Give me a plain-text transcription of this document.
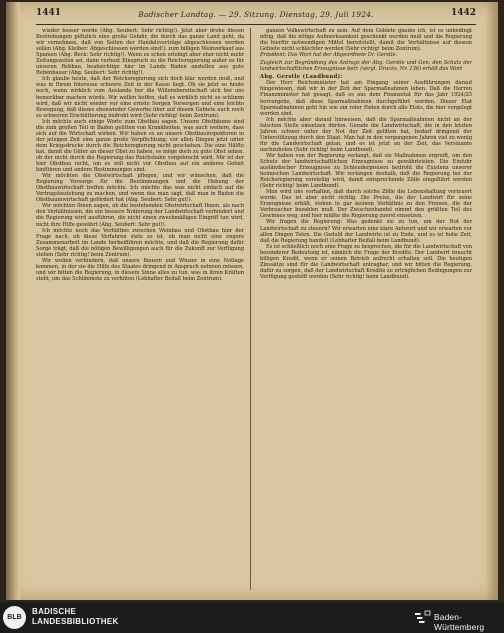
1441	Badischer Landtag. — 29. Sitzung. Dienstag, 29. Juli 1924.	1442

wieder besser werde (Abg. Seubert: Sehr richtig!). Jetzt aber drohe diesen Bestrebungen plötzlich eine große Gefahr, die durch das ganze Land geht, da wir vernehmen, daß von Seiten der Handelsverträge abgeschlossen werden sollen (Abg. Kleiber: Abgeschlossen werden sind!). zum billigen Weinverkauf aus Spanien (Abg. Bock: Sehr richtig!). Wenn es schon erlebigt aber eher nicht mehr Zeitungszeilen sei, dann verhext Einspruch zu die Reichsregierung außer es für unseren Rebbau, beabsichtige hier im Lande Baden anstellen aus gute Rebenbauer (Abg. Seubert: Sehr richtig!).

Ich glaube heute, daß der Reichsregierung sich doch klar werden muß, und was in Ihrem Interesse schwere Zeit in der Kasse liegt. Ob sie jetzt so heute noch, wenn wirklich vom Auslande her die Willensbereitschaft sich bei uns bemerkbar machen würde. Wir wollen hoffen, daß es wirklich nicht so schlimm wird, daß wir nicht wieder vor eine ernste Sorgen Vorsorgen und eine leichte Bewegung, daß dieses ebenwieder Gewerbe über auf diesen Gebiete auch noch so schweren Erschütterung bedroht wird (Sehr richtig! beim Zentrum).

Ich möchte auch einige Worte zum Obstbau sagen. Unsere Obstbäume sind die zum großen Teil in Baden gelitten von Krankheiten, was auch weitere, dass sich auf die Wirtschaft wirken. Wir haben es an unsere Obstbauinspektoren in der jetzigen Zeit eine ganze große Verpflichtung; vor allen Dingen jetzt unter dem Kriegsdrucke durch die Reichsregierung nicht geschehen. Die eine Hälfte hat, damit die Güter an dieser Obst zu haben, es möge doch zu gute Obst sehen, ob der nicht durch die Regierung das Reichsbahn vorgebracht wird. Mir ist der hier Obstbau nicht, um es will nicht vor Obstbau auf ein anderes Gebiet hinführen und andere Bestimmungen sind.

Wir möchten die Obstwirtschaft pflegen, und wir wünschen, daß die Regierung Vorsorge für die Bestimmungen und die Hebung der Obstbauwirtschaft treffen möchte. Ich möchte das was nicht einfach auf die Vertragsbeziehung zu machen, und wenn das man sagt, daß man in Baden die Obstbaumwirtschaft gefördert hat (Abg. Seubert: Sehr gut!).

Wir möchten Ihnen sagen, ob die bestehenden Obstwirtschaft Ihnen, als nach den Verhältnissen, die ein bessere Notierung der Landwirtschaft verhindert und die Regierung wird ausführen, die nicht einen zweckmäßigen Eingriff tun wird, nicht ihre Hilfe gewährt (Abg. Seubert: Sehr gut!).

Ich möchte noch das Verhältnis zwischen Weinbau und Obstbau hier der Frage nach, ob diese Verfahren stets so ist, ob man nicht eine engere Zusammenarbeit im Lande herbeiführen möchte, und daß die Regierung dafür Sorge trägt, daß die nötigen Bewilligungen auch für die Zukunft zur Verfügung stehen (Sehr richtig! beim Zentrum).

Wir wollen verhindern, daß unsere Bauern und Winzer in eine Notlage kommen, in der sie die Hilfe des Staates dringend in Anspruch nehmen müssen, und wir bitten die Regierung, in diesem Sinne alles zu tun, was in ihren Kräften steht, um das Schlimmste zu verhüten (Lebhafter Beifall beim Zentrum).

ganzen Volkswirtschaft zu sein. Auf dem Gebiete glaube ich, ist es unbedingt nötig, daß die nötige Aufmerksamkeit geschenkt werden muß und die Regierung die hierfür notwendigen Mittel bereitstellt, damit die Verhältnisse auf diesem Gebiete nicht schlechter werden (Sehr richtig! beim Zentrum).

Präsident: Das Wort hat der Abgeordnete Dr. Gerstle.

Zugleich zur Begründung des Antrags der Abg. Gerstle und Gen. den Schutz der landwirtschaftlichen Erzeugnisse betr. (vergl. Drucks. Nr. 136) erhält das Wort

Abg. Gerstle (Landbund):

Der Herr Reichsminister hat am Eingang seiner Ausführungen darauf hingewiesen, daß wir in der Zeit der Sparmaßnahmen leben. Daß die Herren Finanzminister hat gesagt, daß es aus dem Finanzetat für das Jahr 1924/25 hervorgehe, daß diese Sparmaßnahmen durchgeführt werden. Dieser Etat Sparmaßnahmen geht hin wie ein roter Faden durch alle Etats, die hier vorgelegt worden sind.

Ich möchte aber darauf hinweisen, daß die Sparmaßnahmen nicht an der falschen Stelle einsetzen dürfen. Gerade die Landwirtschaft, die in den letzten Jahren schwer unter der Not der Zeit gelitten hat, bedarf dringend der Unterstützung durch den Staat. Man hat in den vergangenen Jahren viel zu wenig für die Landwirtschaft getan, und es ist jetzt an der Zeit, das Versäumte nachzuholen (Sehr richtig! beim Landbund).

Wir haben von der Regierung verlangt, daß sie Maßnahmen ergreift, um den Schutz der landwirtschaftlichen Erzeugnisse zu gewährleisten. Die Einfuhr ausländischer Erzeugnisse zu Schleuderpreisen bedroht die Existenz unserer heimischen Landwirtschaft. Wir verlangen deshalb, daß die Regierung bei der Reichsregierung vorstellig wird, damit entsprechende Zölle eingeführt werden (Sehr richtig! beim Landbund).

Man wird uns vorhalten, daß durch solche Zölle die Lebenshaltung verteuert werde. Das ist aber nicht richtig. Die Preise, die der Landwirt für seine Erzeugnisse erhält, stehen in gar keinem Verhältnis zu den Preisen, die der Verbraucher bezahlen muß. Der Zwischenhandel nimmt den größten Teil des Gewinnes weg, und hier müßte die Regierung zuerst einsetzen.

Wir fragen die Regierung: Was gedenkt sie zu tun, um der Not der Landwirtschaft zu steuern? Wir erwarten eine klare Antwort und wir erwarten vor allen Dingen Taten. Die Geduld der Landwirte ist zu Ende, und es ist hohe Zeit, daß die Regierung handelt (Lebhafter Beifall beim Landbund).

Es ist schließlich noch eine Frage zu besprechen, die für die Landwirtschaft von besonderer Bedeutung ist, nämlich die Frage der Kredite. Der Landwirt braucht billigen Kredit, wenn er seinen Betrieb aufrecht erhalten soll. Die heutigen Zinssätze sind für die Landwirtschaft untragbar, und wir bitten die Regierung, dafür zu sorgen, daß der Landwirtschaft Kredite zu erträglichen Bedingungen zur Verfügung gestellt werden (Sehr richtig! beim Landbund).

BLB
BADISCHE
LANDESBIBLIOTHEK	Baden-Württemberg
